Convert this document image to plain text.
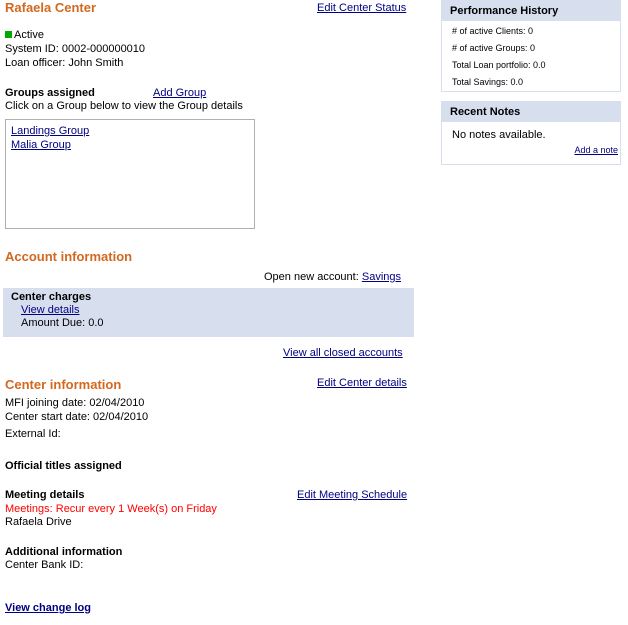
Rafaela Center	Edit Center Status
Active
System ID: 0002-000000010
Loan officer: John Smith
Groups assigned	Add Group
Click on a Group below to view the Group details
Landings Group
Malia Group
Account information
Open new account: Savings
Center charges
View details
Amount Due: 0.0
View all closed accounts
Center information	Edit Center details
MFI joining date: 02/04/2010
Center start date: 02/04/2010
External Id:
Official titles assigned
Meeting details	Edit Meeting Schedule
Meetings: Recur every 1 Week(s) on Friday
Rafaela Drive
Additional information
Center Bank ID:
View change log
Performance History
# of active Clients: 0
# of active Groups: 0
Total Loan portfolio: 0.0
Total Savings: 0.0
Recent Notes
No notes available.
Add a note
